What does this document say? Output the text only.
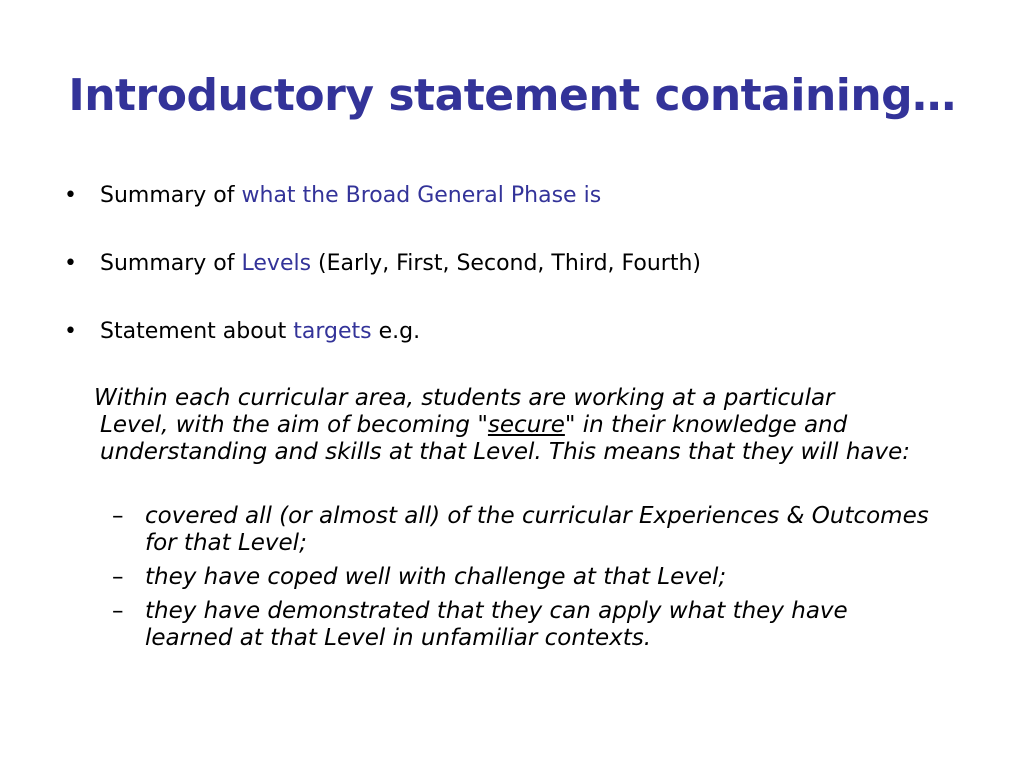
Introductory statement containing…
• Summary of what the Broad General Phase is
• Summary of Levels (Early, First, Second, Third, Fourth)
• Statement about targets e.g.
Within each curricular area, students are working at a particular
Level, with the aim of becoming "secure" in their knowledge and understanding and skills at that Level. This means that they will have:
– covered all (or almost all) of the curricular Experiences & Outcomes for that Level;
– they have coped well with challenge at that Level;
– they have demonstrated that they can apply what they have learned at that Level in unfamiliar contexts.
